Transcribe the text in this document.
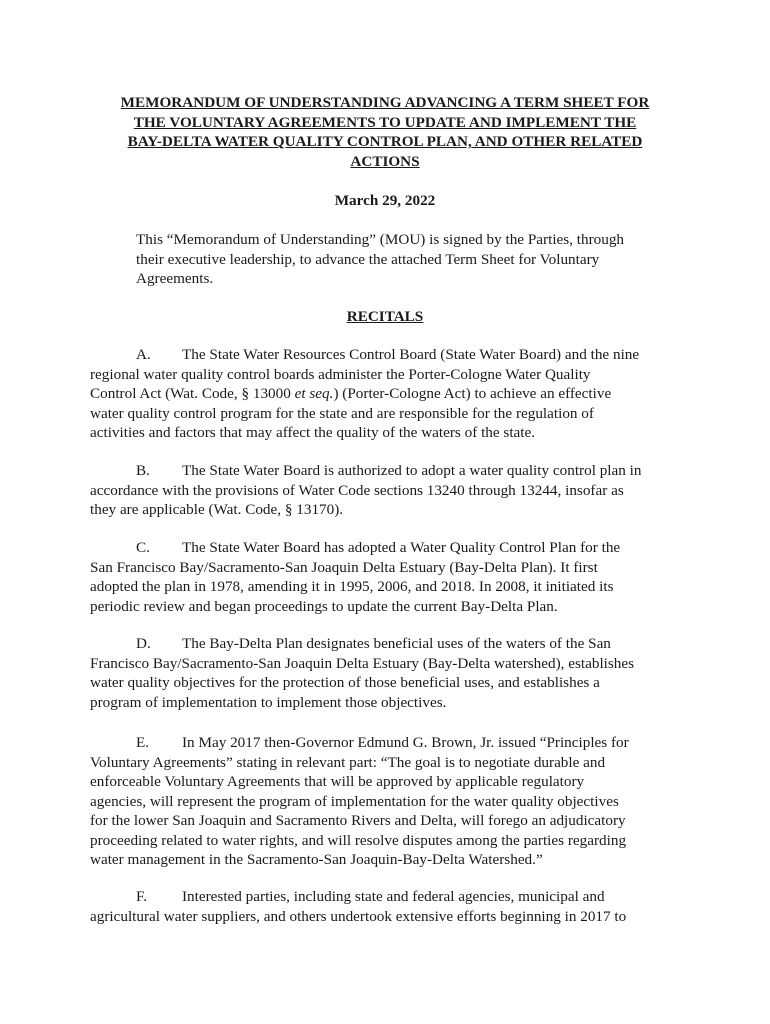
MEMORANDUM OF UNDERSTANDING ADVANCING A TERM SHEET FOR
THE VOLUNTARY AGREEMENTS TO UPDATE AND IMPLEMENT THE
BAY-DELTA WATER QUALITY CONTROL PLAN, AND OTHER RELATED
ACTIONS

March 29, 2022

This “Memorandum of Understanding” (MOU) is signed by the Parties, through
their executive leadership, to advance the attached Term Sheet for Voluntary
Agreements.

RECITALS

A. The State Water Resources Control Board (State Water Board) and the nine
regional water quality control boards administer the Porter-Cologne Water Quality
Control Act (Wat. Code, § 13000 et seq.) (Porter-Cologne Act) to achieve an effective
water quality control program for the state and are responsible for the regulation of
activities and factors that may affect the quality of the waters of the state.

B. The State Water Board is authorized to adopt a water quality control plan in
accordance with the provisions of Water Code sections 13240 through 13244, insofar as
they are applicable (Wat. Code, § 13170).

C. The State Water Board has adopted a Water Quality Control Plan for the
San Francisco Bay/Sacramento-San Joaquin Delta Estuary (Bay-Delta Plan). It first
adopted the plan in 1978, amending it in 1995, 2006, and 2018. In 2008, it initiated its
periodic review and began proceedings to update the current Bay-Delta Plan.

D. The Bay-Delta Plan designates beneficial uses of the waters of the San
Francisco Bay/Sacramento-San Joaquin Delta Estuary (Bay-Delta watershed), establishes
water quality objectives for the protection of those beneficial uses, and establishes a
program of implementation to implement those objectives.

E. In May 2017 then-Governor Edmund G. Brown, Jr. issued “Principles for
Voluntary Agreements” stating in relevant part: “The goal is to negotiate durable and
enforceable Voluntary Agreements that will be approved by applicable regulatory
agencies, will represent the program of implementation for the water quality objectives
for the lower San Joaquin and Sacramento Rivers and Delta, will forego an adjudicatory
proceeding related to water rights, and will resolve disputes among the parties regarding
water management in the Sacramento-San Joaquin-Bay-Delta Watershed.”

F. Interested parties, including state and federal agencies, municipal and
agricultural water suppliers, and others undertook extensive efforts beginning in 2017 to
